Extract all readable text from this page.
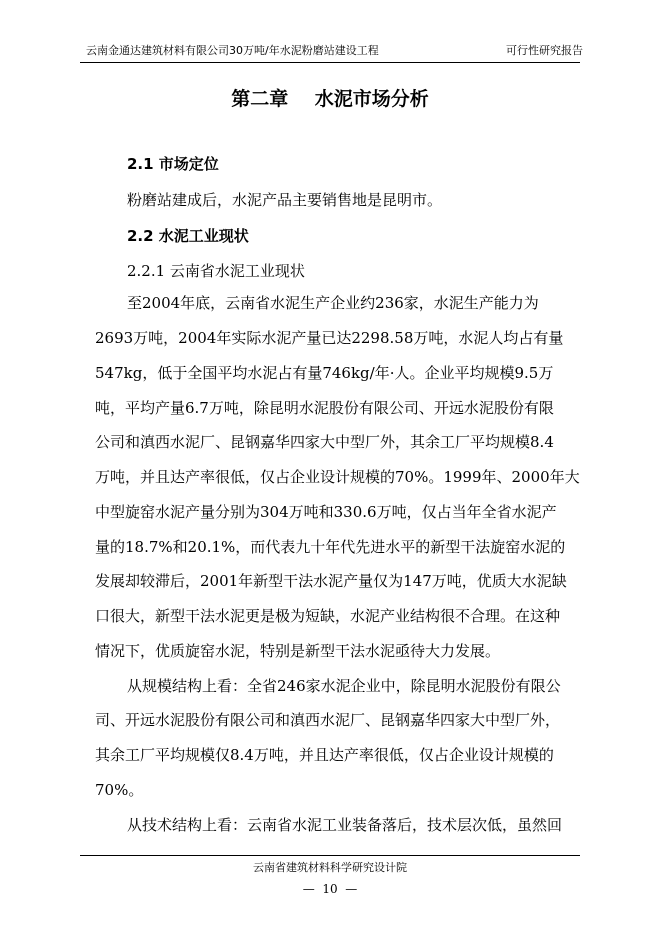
云南金通达建筑材料有限公司30万吨/年水泥粉磨站建设工程	可行性研究报告
第二章    水泥市场分析
2.1 市场定位
粉磨站建成后，水泥产品主要销售地是昆明市。
2.2 水泥工业现状
2.2.1 云南省水泥工业现状
至2004年底，云南省水泥生产企业约236家，水泥生产能力为
2693万吨，2004年实际水泥产量已达2298.58万吨，水泥人均占有量
547kg，低于全国平均水泥占有量746kg/年·人。企业平均规模9.5万
吨，平均产量6.7万吨，除昆明水泥股份有限公司、开远水泥股份有限
公司和滇西水泥厂、昆钢嘉华四家大中型厂外，其余工厂平均规模8.4
万吨，并且达产率很低，仅占企业设计规模的70%。1999年、2000年大
中型旋窑水泥产量分别为304万吨和330.6万吨，仅占当年全省水泥产
量的18.7%和20.1%，而代表九十年代先进水平的新型干法旋窑水泥的
发展却较滞后，2001年新型干法水泥产量仅为147万吨，优质大水泥缺
口很大，新型干法水泥更是极为短缺，水泥产业结构很不合理。在这种
情况下，优质旋窑水泥，特别是新型干法水泥亟待大力发展。
从规模结构上看：全省246家水泥企业中，除昆明水泥股份有限公
司、开远水泥股份有限公司和滇西水泥厂、昆钢嘉华四家大中型厂外，
其余工厂平均规模仅8.4万吨，并且达产率很低，仅占企业设计规模的
70%。
从技术结构上看：云南省水泥工业装备落后，技术层次低，虽然回
云南省建筑材料科学研究设计院
—  10  —
